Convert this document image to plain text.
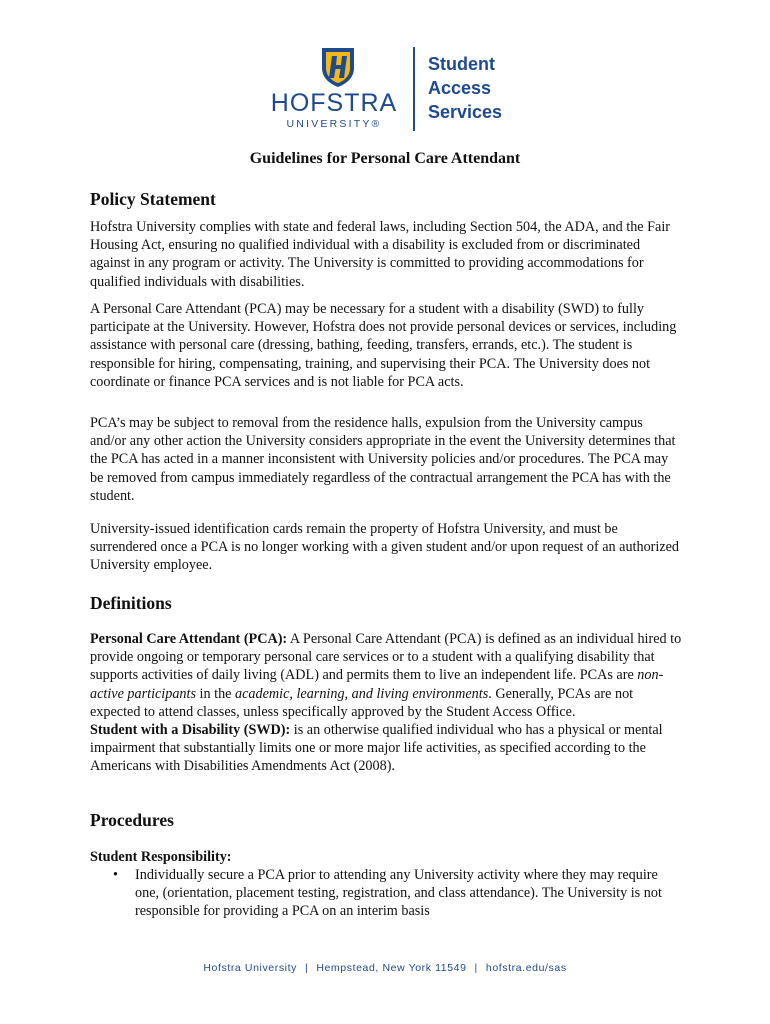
HOFSTRA
UNIVERSITY®
Student
Access
Services
Guidelines for Personal Care Attendant
Policy Statement

Hofstra University complies with state and federal laws, including Section 504, the ADA, and the Fair Housing Act, ensuring no qualified individual with a disability is excluded from or discriminated against in any program or activity. The University is committed to providing accommodations for qualified individuals with disabilities.

A Personal Care Attendant (PCA) may be necessary for a student with a disability (SWD) to fully participate at the University. However, Hofstra does not provide personal devices or services, including assistance with personal care (dressing, bathing, feeding, transfers, errands, etc.). The student is responsible for hiring, compensating, training, and supervising their PCA. The University does not coordinate or finance PCA services and is not liable for PCA acts.

PCA’s may be subject to removal from the residence halls, expulsion from the University campus and/or any other action the University considers appropriate in the event the University determines that the PCA has acted in a manner inconsistent with University policies and/or procedures. The PCA may be removed from campus immediately regardless of the contractual arrangement the PCA has with the student.

University-issued identification cards remain the property of Hofstra University, and must be surrendered once a PCA is no longer working with a given student and/or upon request of an authorized University employee.

Definitions

Personal Care Attendant (PCA): A Personal Care Attendant (PCA) is defined as an individual hired to provide ongoing or temporary personal care services or to a student with a qualifying disability that supports activities of daily living (ADL) and permits them to live an independent life. PCAs are non-active participants in the academic, learning, and living environments. Generally, PCAs are not expected to attend classes, unless specifically approved by the Student Access Office.
Student with a Disability (SWD): is an otherwise qualified individual who has a physical or mental impairment that substantially limits one or more major life activities, as specified according to the Americans with Disabilities Amendments Act (2008).

Procedures

Student Responsibility:

• Individually secure a PCA prior to attending any University activity where they may require one, (orientation, placement testing, registration, and class attendance). The University is not responsible for providing a PCA on an interim basis
Hofstra University | Hempstead, New York 11549 | hofstra.edu/sas
